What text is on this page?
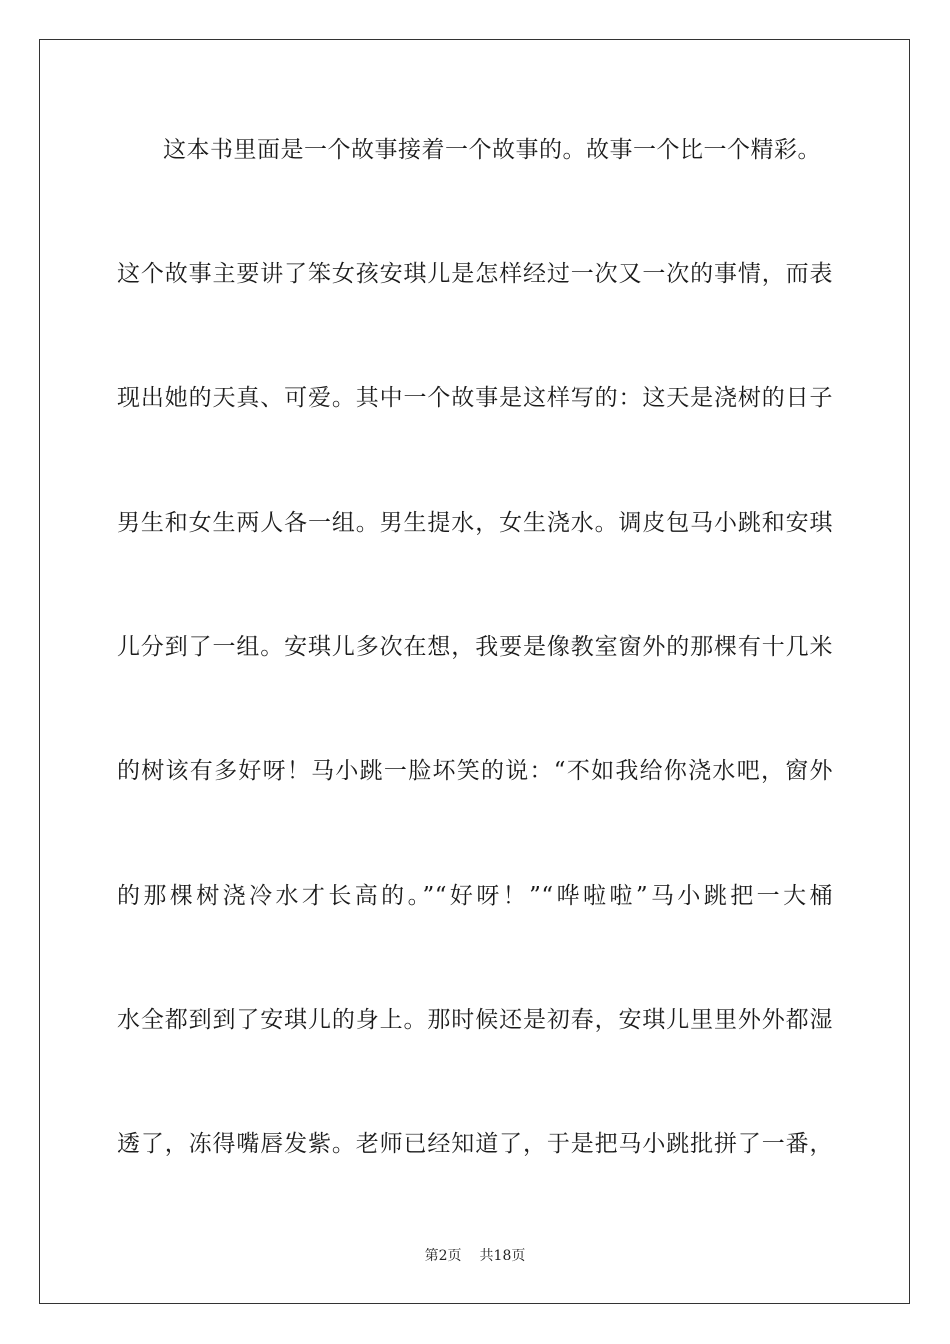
这本书里面是一个故事接着一个故事的。故事一个比一个精彩。
这个故事主要讲了笨女孩安琪儿是怎样经过一次又一次的事情，而表
现出她的天真、可爱。其中一个故事是这样写的：这天是浇树的日子
男生和女生两人各一组。男生提水，女生浇水。调皮包马小跳和安琪
儿分到了一组。安琪儿多次在想，我要是像教室窗外的那棵有十几米
的树该有多好呀！马小跳一脸坏笑的说：“不如我给你浇水吧，窗外
的那棵树浇冷水才长高的。”“好呀！”“哗啦啦”马小跳把一大桶
水全都到到了安琪儿的身上。那时候还是初春，安琪儿里里外外都湿
透了，冻得嘴唇发紫。老师已经知道了，于是把马小跳批拼了一番，
第2页 共18页
